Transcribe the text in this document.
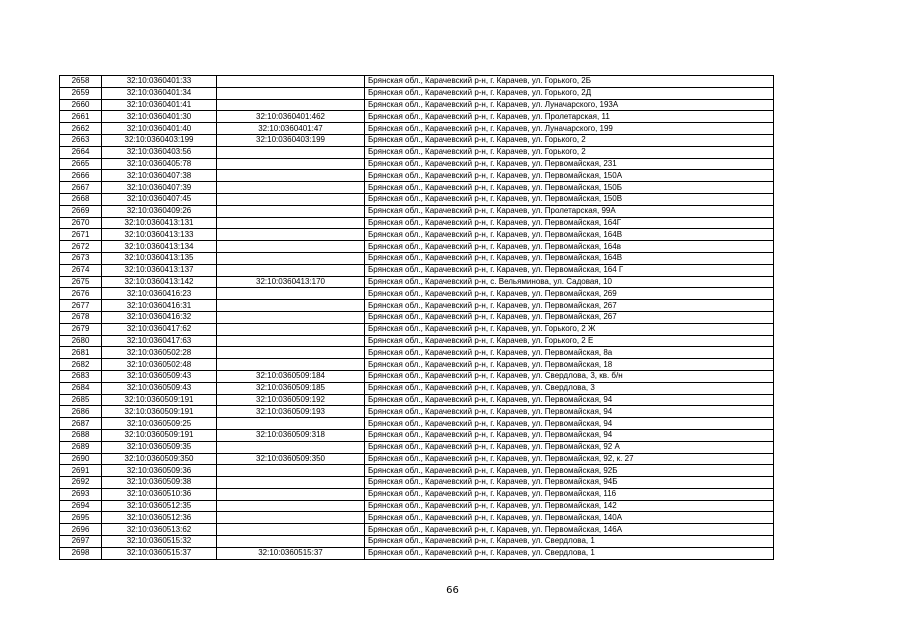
2658	32:10:0360401:33		Брянская обл., Карачевский р-н, г. Карачев, ул. Горького, 2Б
2659	32:10:0360401:34		Брянская обл., Карачевский р-н, г. Карачев, ул. Горького, 2Д
2660	32:10:0360401:41		Брянская обл., Карачевский р-н, г. Карачев, ул. Луначарского, 193А
2661	32:10:0360401:30	32:10:0360401:462	Брянская обл., Карачевский р-н, г. Карачев, ул. Пролетарская, 11
2662	32:10:0360401:40	32:10:0360401:47	Брянская обл., Карачевский р-н, г. Карачев, ул. Луначарского, 199
2663	32:10:0360403:199	32:10:0360403:199	Брянская обл., Карачевский р-н, г. Карачев, ул. Горького, 2
2664	32:10:0360403:56		Брянская обл., Карачевский р-н, г. Карачев, ул. Горького, 2
2665	32:10:0360405:78		Брянская обл., Карачевский р-н, г. Карачев, ул. Первомайская, 231
2666	32:10:0360407:38		Брянская обл., Карачевский р-н, г. Карачев, ул. Первомайская, 150А
2667	32:10:0360407:39		Брянская обл., Карачевский р-н, г. Карачев, ул. Первомайская, 150Б
2668	32:10:0360407:45		Брянская обл., Карачевский р-н, г. Карачев, ул. Первомайская, 150В
2669	32:10:0360409:26		Брянская обл., Карачевский р-н, г. Карачев, ул. Пролетарская, 99А
2670	32:10:0360413:131		Брянская обл., Карачевский р-н, г. Карачев, ул. Первомайская, 164Г
2671	32:10:0360413:133		Брянская обл., Карачевский р-н, г. Карачев, ул. Первомайская, 164В
2672	32:10:0360413:134		Брянская обл., Карачевский р-н, г. Карачев, ул. Первомайская, 164в
2673	32:10:0360413:135		Брянская обл., Карачевский р-н, г. Карачев, ул. Первомайская, 164В
2674	32:10:0360413:137		Брянская обл., Карачевский р-н, г. Карачев, ул. Первомайская, 164 Г
2675	32:10:0360413:142	32:10:0360413:170	Брянская обл., Карачевский р-н, с. Вельяминова, ул. Садовая, 10
2676	32:10:0360416:23		Брянская обл., Карачевский р-н, г. Карачев, ул. Первомайская, 269
2677	32:10:0360416:31		Брянская обл., Карачевский р-н, г. Карачев, ул. Первомайская, 267
2678	32:10:0360416:32		Брянская обл., Карачевский р-н, г. Карачев, ул. Первомайская, 267
2679	32:10:0360417:62		Брянская обл., Карачевский р-н, г. Карачев, ул. Горького, 2 Ж
2680	32:10:0360417:63		Брянская обл., Карачевский р-н, г. Карачев, ул. Горького, 2 Е
2681	32:10:0360502:28		Брянская обл., Карачевский р-н, г. Карачев, ул. Первомайская, 8а
2682	32:10:0360502:48		Брянская обл., Карачевский р-н, г. Карачев, ул. Первомайская, 18
2683	32:10:0360509:43	32:10:0360509:184	Брянская обл., Карачевский р-н, г. Карачев, ул. Свердлова, 3, кв. б/н
2684	32:10:0360509:43	32:10:0360509:185	Брянская обл., Карачевский р-н, г. Карачев, ул. Свердлова, 3
2685	32:10:0360509:191	32:10:0360509:192	Брянская обл., Карачевский р-н, г. Карачев, ул. Первомайская, 94
2686	32:10:0360509:191	32:10:0360509:193	Брянская обл., Карачевский р-н, г. Карачев, ул. Первомайская, 94
2687	32:10:0360509:25		Брянская обл., Карачевский р-н, г. Карачев, ул. Первомайская, 94
2688	32:10:0360509:191	32:10:0360509:318	Брянская обл., Карачевский р-н, г. Карачев, ул. Первомайская, 94
2689	32:10:0360509:35		Брянская обл., Карачевский р-н, г. Карачев, ул. Первомайская, 92 А
2690	32:10:0360509:350	32:10:0360509:350	Брянская обл., Карачевский р-н, г. Карачев, ул. Первомайская, 92, к. 27
2691	32:10:0360509:36		Брянская обл., Карачевский р-н, г. Карачев, ул. Первомайская, 92Б
2692	32:10:0360509:38		Брянская обл., Карачевский р-н, г. Карачев, ул. Первомайская, 94Б
2693	32:10:0360510:36		Брянская обл., Карачевский р-н, г. Карачев, ул. Первомайская, 116
2694	32:10:0360512:35		Брянская обл., Карачевский р-н, г. Карачев, ул. Первомайская, 142
2695	32:10:0360512:36		Брянская обл., Карачевский р-н, г. Карачев, ул. Первомайская, 140А
2696	32:10:0360513:62		Брянская обл., Карачевский р-н, г. Карачев, ул. Первомайская, 146А
2697	32:10:0360515:32		Брянская обл., Карачевский р-н, г. Карачев, ул. Свердлова, 1
2698	32:10:0360515:37	32:10:0360515:37	Брянская обл., Карачевский р-н, г. Карачев, ул. Свердлова, 1
66
